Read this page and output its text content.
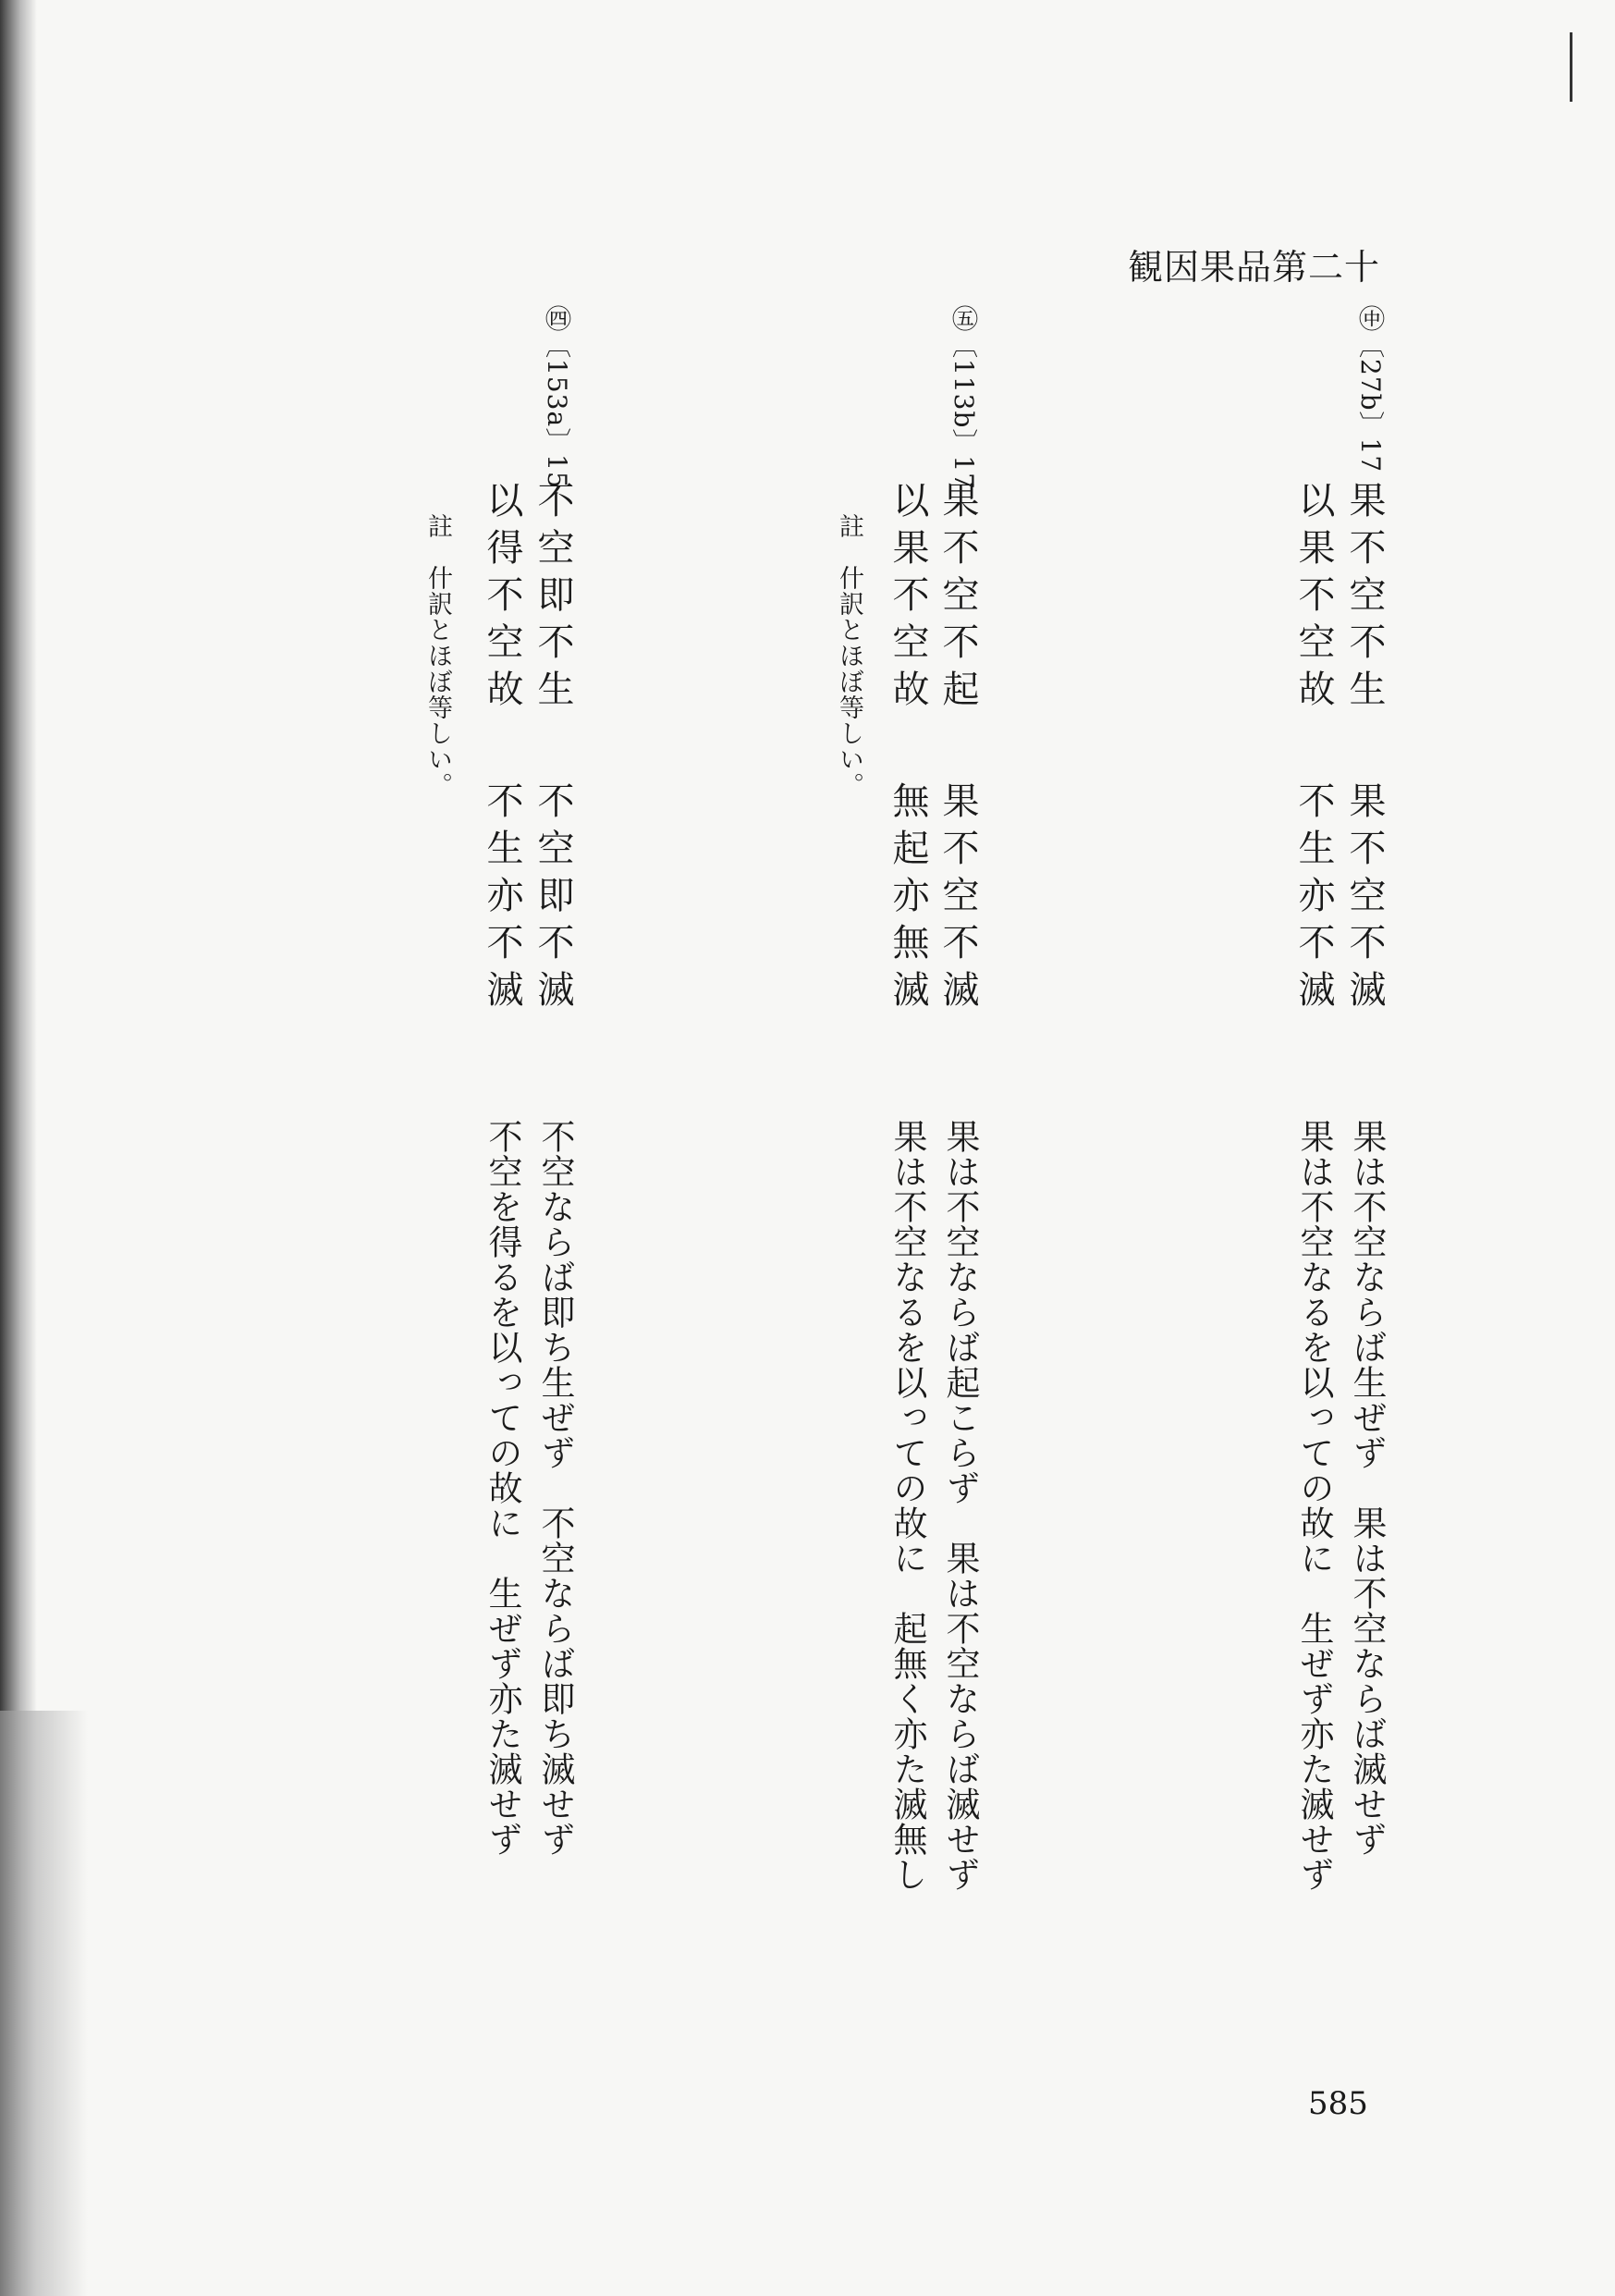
観因果品第二十
㊥〔27b〕17
果不空不生
以果不空故
果不空不滅
不生亦不滅
果は不空ならば生ぜず　果は不空ならば滅せず
果は不空なるを以っての故に　生ぜず亦た滅せず
㊄〔113b〕17
果不空不起
以果不空故
果不空不滅
無起亦無滅
註　什訳とほぼ等しい。
果は不空ならば起こらず　果は不空ならば滅せず
果は不空なるを以っての故に　起無く亦た滅無し
㊃〔153a〕15
不空即不生
以得不空故
不空即不滅
不生亦不滅
註　什訳とほぼ等しい。
不空ならば即ち生ぜず　不空ならば即ち滅せず
不空を得るを以っての故に　生ぜず亦た滅せず
585
